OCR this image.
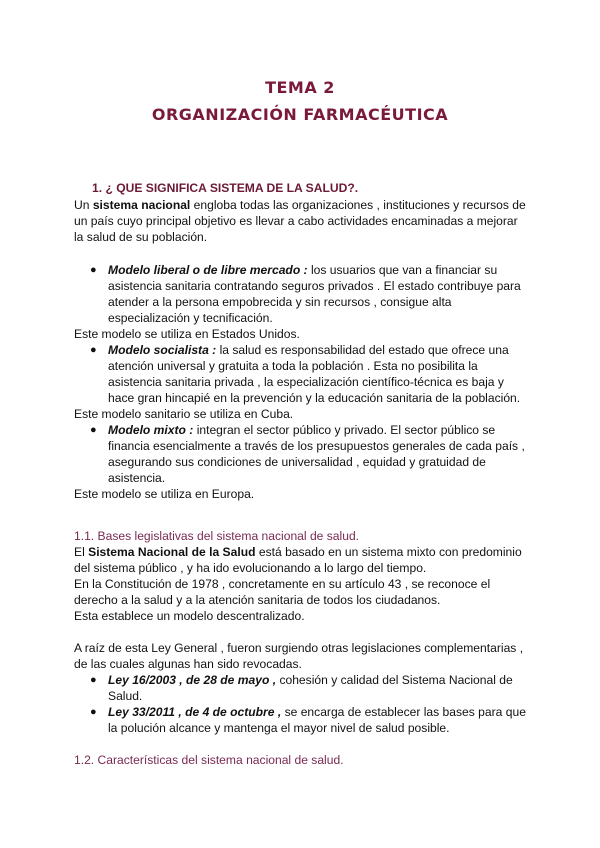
TEMA 2
ORGANIZACIÓN FARMACÉUTICA
1. ¿ QUE SIGNIFICA SISTEMA DE LA SALUD?.
Un sistema nacional engloba todas las organizaciones , instituciones y recursos de
un país cuyo principal objetivo es llevar a cabo actividades encaminadas a mejorar
la salud de su población.
● Modelo liberal o de libre mercado : los usuarios que van a financiar su
asistencia sanitaria contratando seguros privados . El estado contribuye para
atender a la persona empobrecida y sin recursos , consigue alta
especialización y tecnificación.
Este modelo se utiliza en Estados Unidos.
● Modelo socialista : la salud es responsabilidad del estado que ofrece una
atención universal y gratuita a toda la población . Esta no posibilita la
asistencia sanitaria privada , la especialización científico-técnica es baja y
hace gran hincapié en la prevención y la educación sanitaria de la población.
Este modelo sanitario se utiliza en Cuba.
● Modelo mixto : integran el sector público y privado. El sector público se
financia esencialmente a través de los presupuestos generales de cada país ,
asegurando sus condiciones de universalidad , equidad y gratuidad de
asistencia.
Este modelo se utiliza en Europa.
1.1. Bases legislativas del sistema nacional de salud.
El Sistema Nacional de la Salud está basado en un sistema mixto con predominio
del sistema público , y ha ido evolucionando a lo largo del tiempo.
En la Constitución de 1978 , concretamente en su artículo 43 , se reconoce el
derecho a la salud y a la atención sanitaria de todos los ciudadanos.
Esta establece un modelo descentralizado.
A raíz de esta Ley General , fueron surgiendo otras legislaciones complementarias ,
de las cuales algunas han sido revocadas.
● Ley 16/2003 , de 28 de mayo , cohesión y calidad del Sistema Nacional de
Salud.
● Ley 33/2011 , de 4 de octubre , se encarga de establecer las bases para que
la polución alcance y mantenga el mayor nivel de salud posible.
1.2. Características del sistema nacional de salud.
